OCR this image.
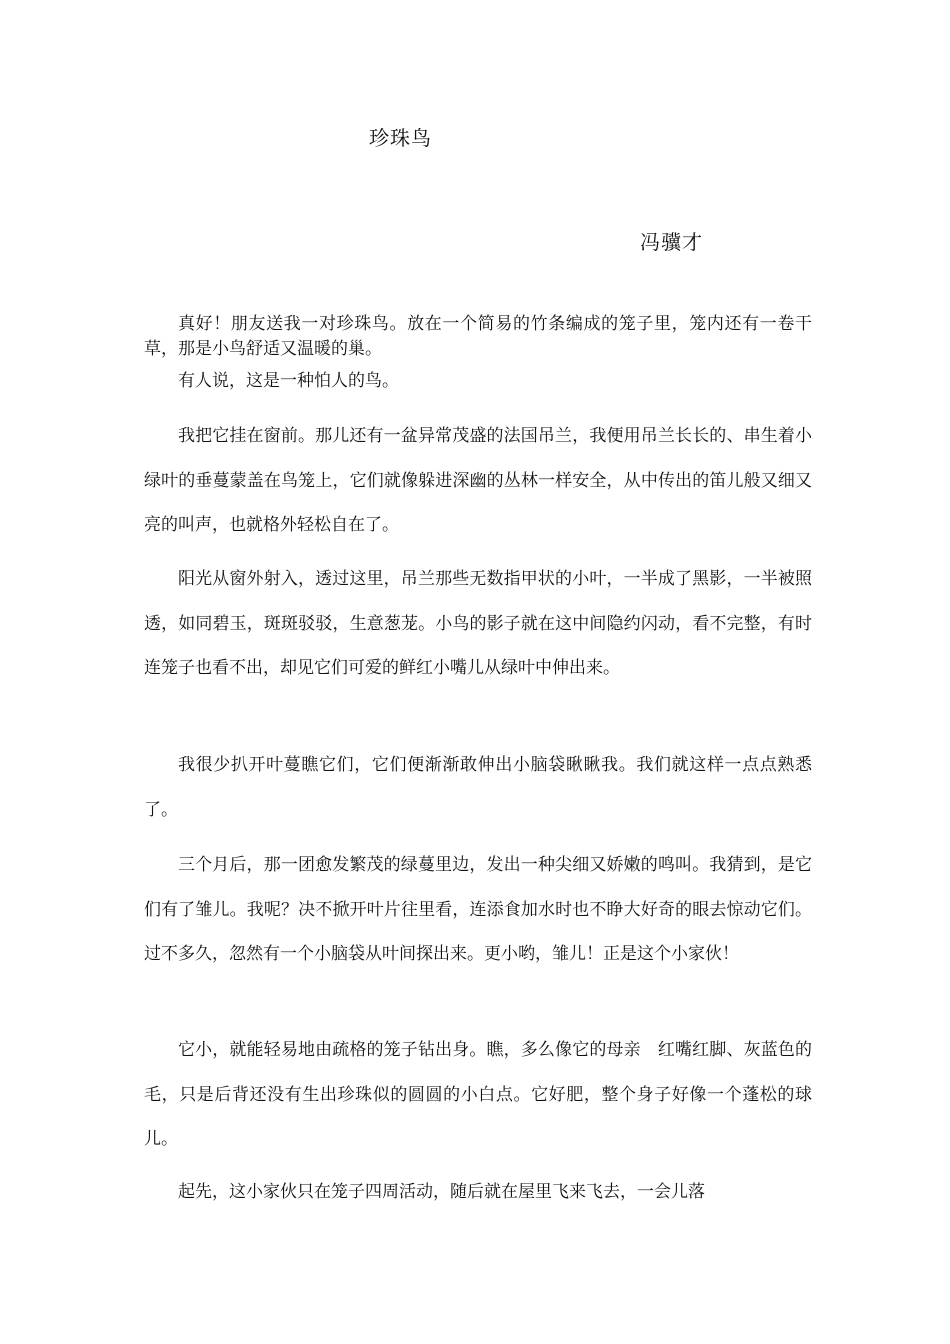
珍珠鸟
冯骥才

真好！朋友送我一对珍珠鸟。放在一个简易的竹条编成的笼子里，笼内还有一卷干草，那是小鸟舒适又温暖的巢。

有人说，这是一种怕人的鸟。

我把它挂在窗前。那儿还有一盆异常茂盛的法国吊兰，我便用吊兰长长的、串生着小绿叶的垂蔓蒙盖在鸟笼上，它们就像躲进深幽的丛林一样安全，从中传出的笛儿般又细又亮的叫声，也就格外轻松自在了。

阳光从窗外射入，透过这里，吊兰那些无数指甲状的小叶，一半成了黑影，一半被照透，如同碧玉，斑斑驳驳，生意葱茏。小鸟的影子就在这中间隐约闪动，看不完整，有时连笼子也看不出，却见它们可爱的鲜红小嘴儿从绿叶中伸出来。

我很少扒开叶蔓瞧它们，它们便渐渐敢伸出小脑袋瞅瞅我。我们就这样一点点熟悉了。

三个月后，那一团愈发繁茂的绿蔓里边，发出一种尖细又娇嫩的鸣叫。我猜到，是它们有了雏儿。我呢？决不掀开叶片往里看，连添食加水时也不睁大好奇的眼去惊动它们。过不多久，忽然有一个小脑袋从叶间探出来。更小哟，雏儿！正是这个小家伙！

它小，就能轻易地由疏格的笼子钻出身。瞧，多么像它的母亲　红嘴红脚、灰蓝色的毛，只是后背还没有生出珍珠似的圆圆的小白点。它好肥，整个身子好像一个蓬松的球儿。

起先，这小家伙只在笼子四周活动，随后就在屋里飞来飞去，一会儿落
